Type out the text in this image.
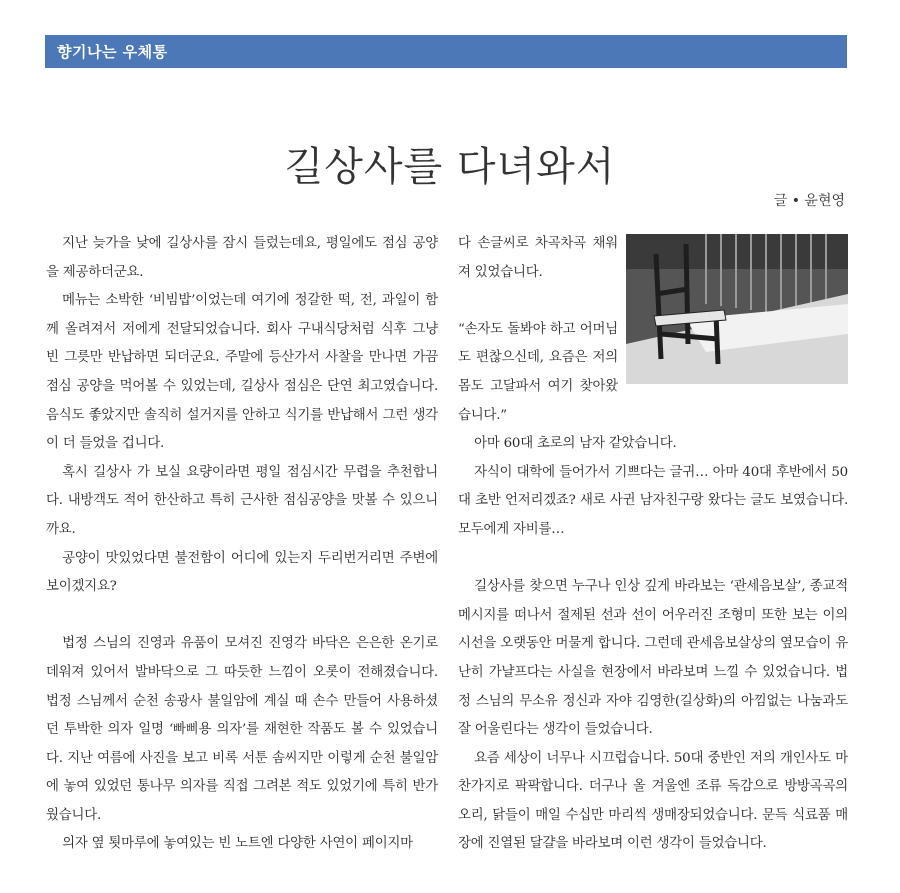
향기나는 우체통
길상사를 다녀와서
글 • 윤현영

지난 늦가을 낮에 길상사를 잠시 들렀는데요, 평일에도 점심 공양을 제공하더군요.

메뉴는 소박한 ‘비빔밥’이었는데 여기에 정갈한 떡, 전, 과일이 함께 올려져서 저에게 전달되었습니다. 회사 구내식당처럼 식후 그냥 빈 그릇만 반납하면 되더군요. 주말에 등산가서 사찰을 만나면 가끔 점심 공양을 먹어볼 수 있었는데, 길상사 점심은 단연 최고였습니다. 음식도 좋았지만 솔직히 설거지를 안하고 식기를 반납해서 그런 생각이 더 들었을 겁니다.

혹시 길상사 가 보실 요량이라면 평일 점심시간 무렵을 추천합니다. 내방객도 적어 한산하고 특히 근사한 점심공양을 맛볼 수 있으니까요.

공양이 맛있었다면 불전함이 어디에 있는지 두리번거리면 주변에 보이겠지요?

법정 스님의 진영과 유품이 모셔진 진영각 바닥은 은은한 온기로 데워져 있어서 발바닥으로 그 따듯한 느낌이 오롯이 전해졌습니다. 법정 스님께서 순천 송광사 불일암에 계실 때 손수 만들어 사용하셨던 투박한 의자 일명 ‘빠삐용 의자’를 재현한 작품도 볼 수 있었습니다. 지난 여름에 사진을 보고 비록 서툰 솜씨지만 이렇게 순천 불일암에 놓여 있었던 통나무 의자를 직접 그려본 적도 있었기에 특히 반가웠습니다.

의자 옆 툇마루에 놓여있는 빈 노트엔 다양한 사연이 페이지마

다 손글씨로 차곡차곡 채워져 있었습니다.

“손자도 돌봐야 하고 어머님도 편찮으신데, 요즘은 저의 몸도 고달파서 여기 찾아왔습니다.”

아마 60대 초로의 남자 같았습니다.

자식이 대학에 들어가서 기쁘다는 글귀… 아마 40대 후반에서 50대 초반 언저리겠죠? 새로 사귄 남자친구랑 왔다는 글도 보였습니다. 모두에게 자비를…

길상사를 찾으면 누구나 인상 깊게 바라보는 ‘관세음보살’, 종교적 메시지를 떠나서 절제된 선과 선이 어우러진 조형미 또한 보는 이의 시선을 오랫동안 머물게 합니다. 그런데 관세음보살상의 옆모습이 유난히 가냘프다는 사실을 현장에서 바라보며 느낄 수 있었습니다. 법정 스님의 무소유 정신과 자야 김영한(길상화)의 아낌없는 나눔과도 잘 어울린다는 생각이 들었습니다.

요즘 세상이 너무나 시끄럽습니다. 50대 중반인 저의 개인사도 마찬가지로 팍팍합니다. 더구나 올 겨울엔 조류 독감으로 방방곡곡의 오리, 닭들이 매일 수십만 마리씩 생매장되었습니다. 문득 식료품 매장에 진열된 달걀을 바라보며 이런 생각이 들었습니다.
